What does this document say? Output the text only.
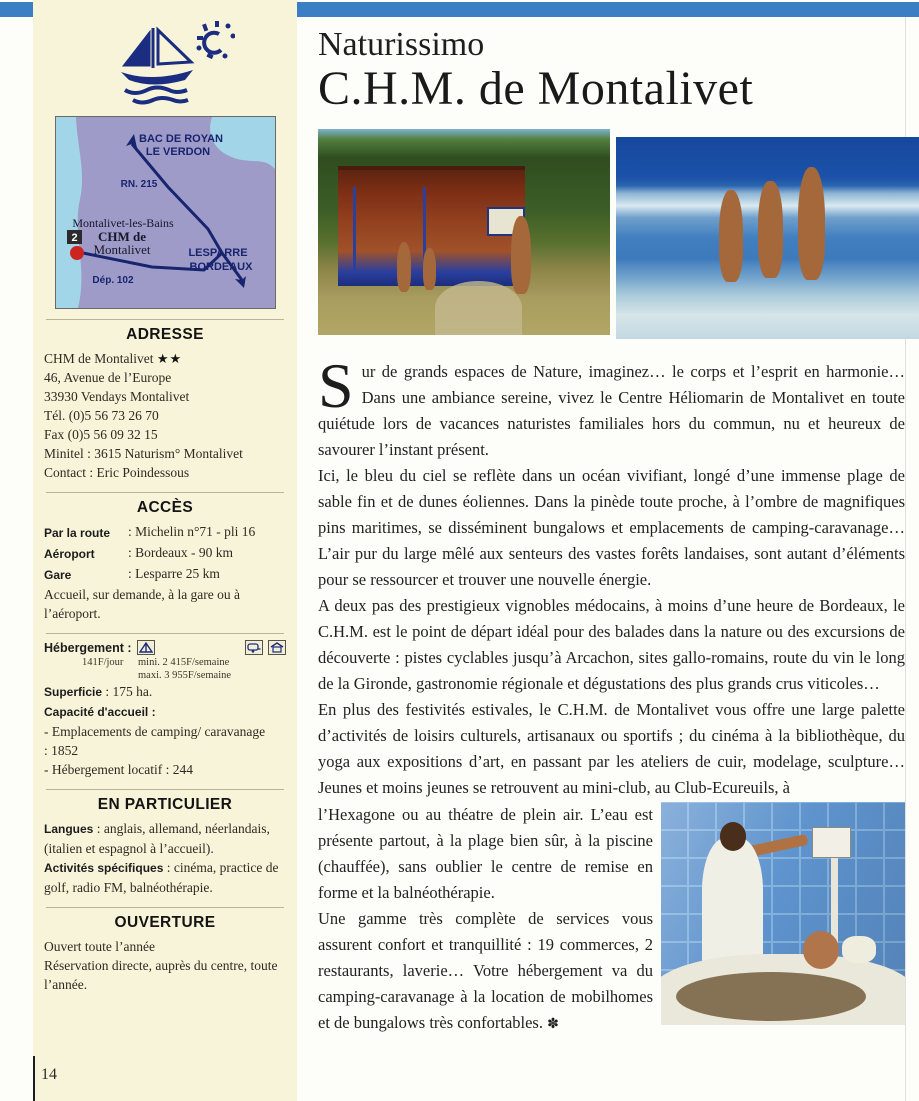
BAC DE ROYAN
LE VERDON
RN. 215
LESPARRE
BORDEAUX
Dép. 102
Montalivet-les-Bains
CHM de
Montalivet
2
ADRESSE
CHM de Montalivet ★★
46, Avenue de l’Europe
33930 Vendays Montalivet
Tél. (0)5 56 73 26 70
Fax (0)5 56 09 32 15
Minitel : 3615 Naturism° Montalivet
Contact : Eric Poindessous
ACCÈS
Par la route	: Michelin n°71 - pli 16
Aéroport	: Bordeaux - 90 km
Gare	: Lesparre 25 km
Accueil, sur demande, à la gare ou à l’aéroport.
Hébergement :
141F/jour	mini. 2 415F/semaine
maxi. 3 955F/semaine
Superficie : 175 ha.
Capacité d'accueil :
- Emplacements de camping/ caravanage : 1852
- Hébergement locatif : 244
EN PARTICULIER
Langues : anglais, allemand, néerlandais, (italien et espagnol à l’accueil).
Activités spécifiques : cinéma, practice de golf, radio FM, balnéothérapie.
OUVERTURE
Ouvert toute l’année
Réservation directe, auprès du centre, toute l’année.
14
Naturissimo
C.H.M. de Montalivet

Sur de grands espaces de Nature, imaginez… le corps et l’esprit en harmonie… Dans une ambiance sereine, vivez le Centre Héliomarin de Montalivet en toute quiétude lors de vacances naturistes familiales hors du commun, nu et heureux de savourer l’instant présent.

Ici, le bleu du ciel se reflète dans un océan vivifiant, longé d’une immense plage de sable fin et de dunes éoliennes. Dans la pinède toute proche, à l’ombre de magnifiques pins maritimes, se disséminent bungalows et emplacements de camping-caravanage… L’air pur du large mêlé aux senteurs des vastes forêts landaises, sont autant d’éléments pour se ressourcer et trouver une nouvelle énergie.

A deux pas des prestigieux vignobles médocains, à moins d’une heure de Bordeaux, le C.H.M. est le point de départ idéal pour des balades dans la nature ou des excursions de découverte : pistes cyclables jusqu’à Arcachon, sites gallo-romains, route du vin le long de la Gironde, gastronomie régionale et dégustations des plus grands crus viticoles…

En plus des festivités estivales, le C.H.M. de Montalivet vous offre une large palette d’activités de loisirs culturels, artisanaux ou sportifs ; du cinéma à la bibliothèque, du yoga aux expositions d’art, en passant par les ateliers de cuir, modelage, sculpture… Jeunes et moins jeunes se retrouvent au mini-club, au Club-Ecureuils, à

l’Hexagone ou au théatre de plein air. L’eau est présente partout, à la plage bien sûr, à la piscine (chauffée), sans oublier le centre de remise en forme et la balnéothérapie.

Une gamme très complète de services vous assurent confort et tranquillité : 19 commerces, 2 restaurants, laverie… Votre hébergement va du camping-caravanage à la location de mobilhomes et de bungalows très confortables. ✽
